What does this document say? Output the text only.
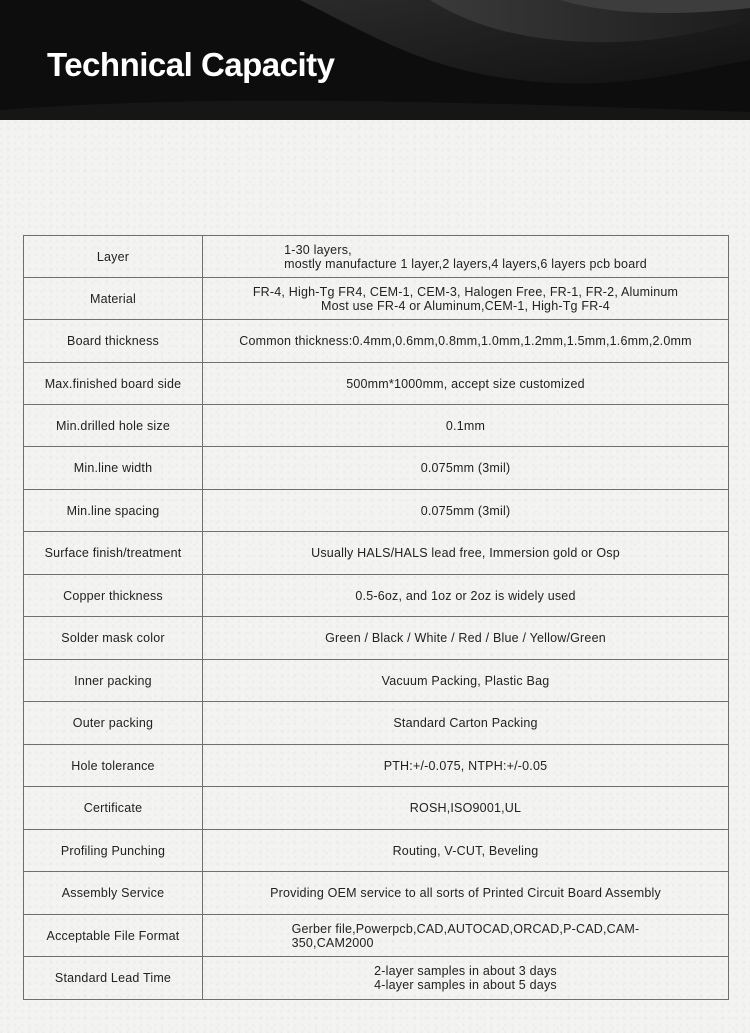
Technical Capacity
Layer	1-30 layers,
mostly manufacture 1 layer,2 layers,4 layers,6 layers pcb board

Material	FR-4, High-Tg FR4, CEM-1, CEM-3, Halogen Free, FR-1, FR-2, Aluminum
Most use FR-4 or Aluminum,CEM-1, High-Tg FR-4

Board thickness	Common thickness:0.4mm,0.6mm,0.8mm,1.0mm,1.2mm,1.5mm,1.6mm,2.0mm

Max.finished board side	500mm*1000mm, accept size customized

Min.drilled hole size	0.1mm

Min.line width	0.075mm (3mil)

Min.line spacing	0.075mm (3mil)

Surface finish/treatment	Usually HALS/HALS lead free, Immersion gold or Osp

Copper thickness	0.5-6oz, and 1oz or 2oz is widely used

Solder mask color	Green / Black / White / Red / Blue / Yellow/Green

Inner packing	Vacuum Packing, Plastic Bag

Outer packing	Standard Carton Packing

Hole tolerance	PTH:+/-0.075, NTPH:+/-0.05

Certificate	ROSH,ISO9001,UL

Profiling Punching	Routing, V-CUT, Beveling

Assembly Service	Providing OEM service to all sorts of Printed Circuit Board Assembly

Acceptable File Format	Gerber file,Powerpcb,CAD,AUTOCAD,ORCAD,P-CAD,CAM-
350,CAM2000

Standard Lead Time	2-layer samples in about 3 days
4-layer samples in about 5 days
